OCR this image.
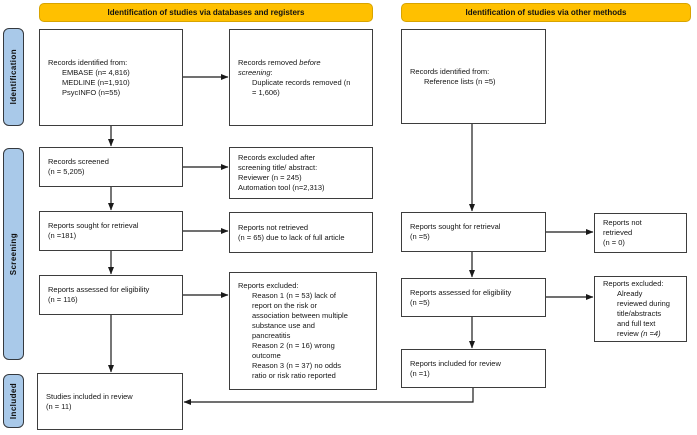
Identification of studies via databases and registers	Identification of studies via other methods
Identification
Screening
Included
Records identified from:
EMBASE (n= 4,816)
MEDLINE (n=1,910)
PsycINFO (n=55)
Records removed before
screening:
Duplicate records removed (n
= 1,606)
Records screened
(n = 5,205)
Records excluded after
screening title/ abstract:
Reviewer (n = 245)
Automation tool (n=2,313)
Reports sought for retrieval
(n =181)
Reports not retrieved
(n = 65) due to lack of full article
Reports assessed for eligibility
(n = 116)
Reports excluded:
Reason 1 (n = 53) lack of
report on the risk or
association between multiple
substance use and
pancreatitis
Reason 2 (n = 16) wrong
outcome
Reason 3 (n = 37) no odds
ratio or risk ratio reported
Studies included in review
(n = 11)
Records identified from:
Reference lists (n =5)
Reports sought for retrieval
(n =5)
Reports not
retrieved
(n = 0)
Reports assessed for eligibility
(n =5)
Reports excluded:
Already
reviewed during
title/abstracts
and full text
review (n =4)
Reports included for review
(n =1)
